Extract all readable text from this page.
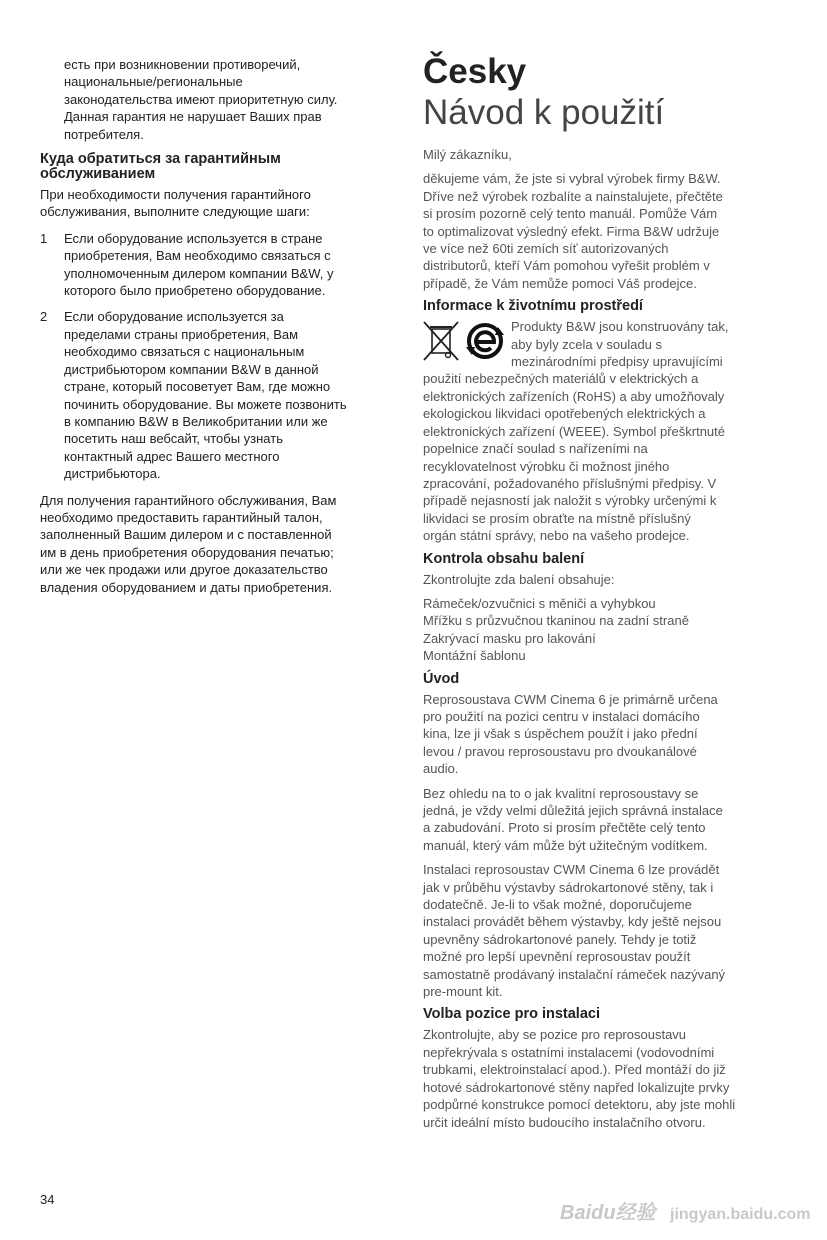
есть при возникновении противоречий,
национальные/региональные
законодательства имеют приоритетную силу.
Данная гарантия не нарушает Ваших прав
потребителя.

Куда обратиться за гарантийным
обслуживанием

При необходимости получения гарантийного
обслуживания, выполните следующие шаги:

1 Если оборудование используется в стране
приобретения, Вам необходимо связаться с
уполномоченным дилером компании B&W, у
которого было приобретено оборудование.
2 Если оборудование используется за
пределами страны приобретения, Вам
необходимо связаться с национальным
дистрибьютором компании B&W в данной
стране, который посоветует Вам, где можно
починить оборудование. Вы можете позвонить
в компанию B&W в Великобритании или же
посетить наш вебсайт, чтобы узнать
контактный адрес Вашего местного
дистрибьютора.

Для получения гарантийного обслуживания, Вам
необходимо предоставить гарантийный талон,
заполненный Вашим дилером и с поставленной
им в день приобретения оборудования печатью;
или же чек продажи или другое доказательство
владения оборудованием и даты приобретения.

Česky
Návod k použití

Milý zákazníku,

děkujeme vám, že jste si vybral výrobek firmy B&W.
Dříve než výrobek rozbalíte a nainstalujete, přečtěte
si prosím pozorně celý tento manuál. Pomůže Vám
to optimalizovat výsledný efekt. Firma B&W udržuje
ve více než 60ti zemích síť autorizovaných
distributorů, kteří Vám pomohou vyřešit problém v
případě, že Vám nemůže pomoci Váš prodejce.

Informace k životnímu prostředí

Produkty B&W jsou konstruovány tak,
aby byly zcela v souladu s
mezinárodními předpisy upravujícími
použití nebezpečných materiálů v elektrických a
elektronických zařízeních (RoHS) a aby umožňovaly
ekologickou likvidaci opotřebených elektrických a
elektronických zařízení (WEEE). Symbol přeškrtnuté
popelnice značí soulad s nařízeními na
recyklovatelnost výrobku či možnost jiného
zpracování, požadovaného příslušnými předpisy. V
případě nejasností jak naložit s výrobky určenými k
likvidaci se prosím obraťte na místně příslušný
orgán státní správy, nebo na vašeho prodejce.

Kontrola obsahu balení

Zkontrolujte zda balení obsahuje:

Rámeček/ozvučnici s měniči a vyhybkou
Mřížku s průzvučnou tkaninou na zadní straně
Zakrývací masku pro lakování
Montážní šablonu

Úvod

Reprosoustava CWM Cinema 6 je primárně určena
pro použití na pozici centru v instalaci domácího
kina, lze ji však s úspěchem použít i jako přední
levou / pravou reprosoustavu pro dvoukanálové
audio.

Bez ohledu na to o jak kvalitní reprosoustavy se
jedná, je vždy velmi důležitá jejich správná instalace
a zabudování. Proto si prosím přečtěte celý tento
manuál, který vám může být užitečným vodítkem.

Instalaci reprosoustav CWM Cinema 6 lze provádět
jak v průběhu výstavby sádrokartonové stěny, tak i
dodatečně. Je-li to však možné, doporučujeme
instalaci provádět během výstavby, kdy ještě nejsou
upevněny sádrokartonové panely. Tehdy je totiž
možné pro lepší upevnění reprosoustav použít
samostatně prodávaný instalační rámeček nazývaný
pre-mount kit.

Volba pozice pro instalaci

Zkontrolujte, aby se pozice pro reprosoustavu
nepřekrývala s ostatními instalacemi (vodovodními
trubkami, elektroinstalací apod.). Před montáží do již
hotové sádrokartonové stěny napřed lokalizujte prvky
podpůrné konstrukce pomocí detektoru, aby jste mohli
určit ideální místo budoucího instalačního otvoru.

34
Baidu经验 jingyan.baidu.com
